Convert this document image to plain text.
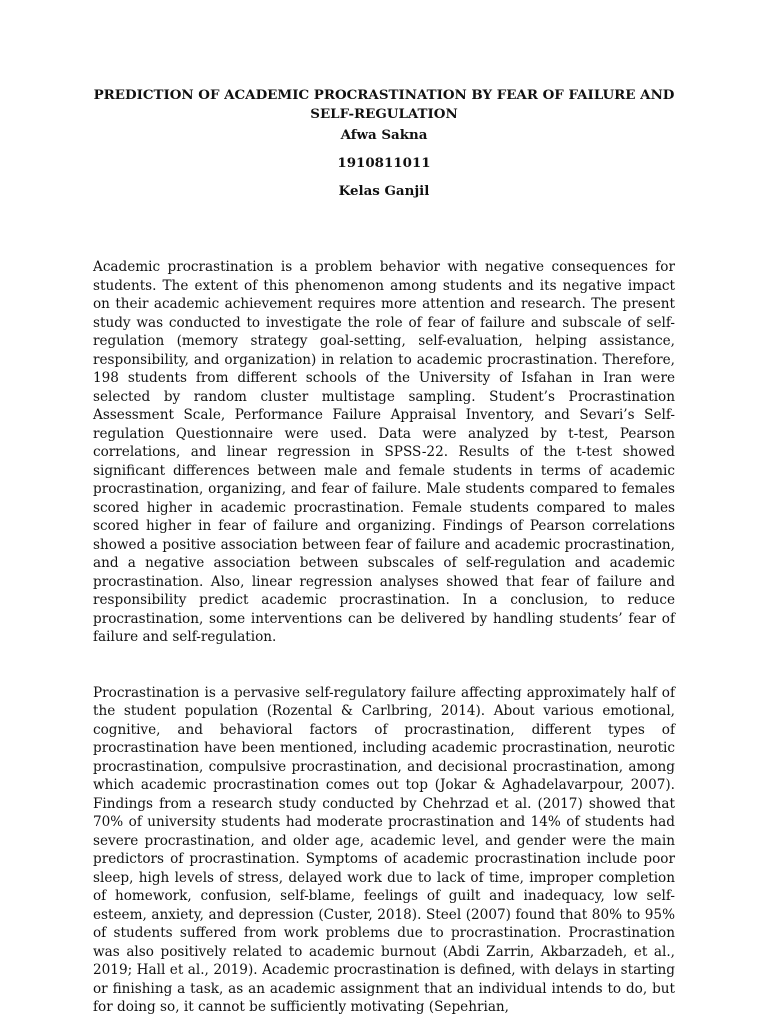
PREDICTION OF ACADEMIC PROCRASTINATION BY FEAR OF FAILURE AND SELF-REGULATION
Afwa Sakna
1910811011
Kelas Ganjil

Academic procrastination is a problem behavior with negative consequences for students. The extent of this phenomenon among students and its negative impact on their academic achievement requires more attention and research. The present study was conducted to investigate the role of fear of failure and subscale of self-regulation (memory strategy goal-setting, self-evaluation, helping assistance, responsibility, and organization) in relation to academic procrastination. Therefore, 198 students from different schools of the University of Isfahan in Iran were selected by random cluster multistage sampling. Student’s Procrastination Assessment Scale, Performance Failure Appraisal Inventory, and Sevari’s Self-regulation Questionnaire were used. Data were analyzed by t-test, Pearson correlations, and linear regression in SPSS-22. Results of the t-test showed significant differences between male and female students in terms of academic procrastination, organizing, and fear of failure. Male students compared to females scored higher in academic procrastination. Female students compared to males scored higher in fear of failure and organizing. Findings of Pearson correlations showed a positive association between fear of failure and academic procrastination, and a negative association between subscales of self-regulation and academic procrastination. Also, linear regression analyses showed that fear of failure and responsibility predict academic procrastination. In a conclusion, to reduce procrastination, some interventions can be delivered by handling students’ fear of failure and self-regulation.

Procrastination is a pervasive self-regulatory failure affecting approximately half of the student population (Rozental & Carlbring, 2014). About various emotional, cognitive, and behavioral factors of procrastination, different types of procrastination have been mentioned, including academic procrastination, neurotic procrastination, compulsive procrastination, and decisional procrastination, among which academic procrastination comes out top (Jokar & Aghadelavarpour, 2007). Findings from a research study conducted by Chehrzad et al. (2017) showed that 70% of university students had moderate procrastination and 14% of students had severe procrastination, and older age, academic level, and gender were the main predictors of procrastination. Symptoms of academic procrastination include poor sleep, high levels of stress, delayed work due to lack of time, improper completion of homework, confusion, self-blame, feelings of guilt and inadequacy, low self-esteem, anxiety, and depression (Custer, 2018). Steel (2007) found that 80% to 95% of students suffered from work problems due to procrastination. Procrastination was also positively related to academic burnout (Abdi Zarrin, Akbarzadeh, et al., 2019; Hall et al., 2019). Academic procrastination is defined, with delays in starting or finishing a task, as an academic assignment that an individual intends to do, but for doing so, it cannot be sufficiently motivating (Sepehrian,
